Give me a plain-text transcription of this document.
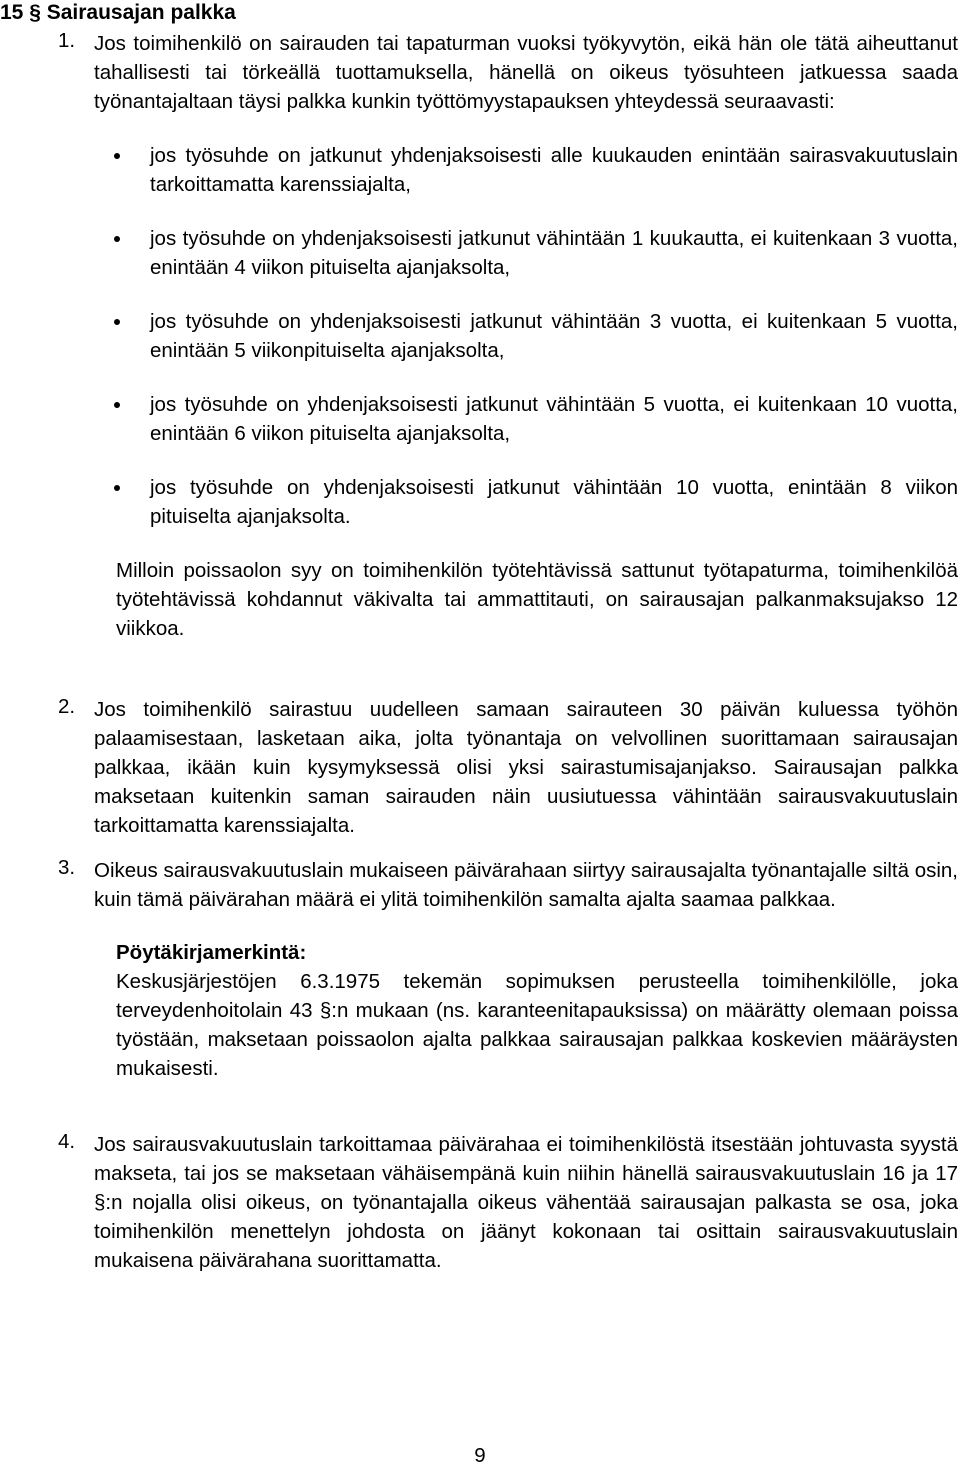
15 § Sairausajan palkka
1. Jos toimihenkilö on sairauden tai tapaturman vuoksi työkyvytön, eikä hän ole tätä aiheuttanut tahallisesti tai törkeällä tuottamuksella, hänellä on oikeus työsuhteen jatkuessa saada työnantajaltaan täysi palkka kunkin työttömyystapauksen yhteydessä seuraavasti:

jos työsuhde on jatkunut yhdenjaksoisesti alle kuukauden enintään sairasvakuutuslain tarkoittamatta karenssiajalta,

jos työsuhde on yhdenjaksoisesti jatkunut vähintään 1 kuukautta, ei kuitenkaan 3 vuotta, enintään 4 viikon pituiselta ajanjaksolta,

jos työsuhde on yhdenjaksoisesti jatkunut vähintään 3 vuotta, ei kuitenkaan 5 vuotta, enintään 5 viikonpituiselta ajanjaksolta,

jos työsuhde on yhdenjaksoisesti jatkunut vähintään 5 vuotta, ei kuitenkaan 10 vuotta, enintään 6 viikon pituiselta ajanjaksolta,

jos työsuhde on yhdenjaksoisesti jatkunut vähintään 10 vuotta, enintään 8 viikon pituiselta ajanjaksolta.

Milloin poissaolon syy on toimihenkilön työtehtävissä sattunut työtapaturma, toimihenkilöä työtehtävissä kohdannut väkivalta tai ammattitauti, on sairausajan palkanmaksujakso 12 viikkoa.

2. Jos toimihenkilö sairastuu uudelleen samaan sairauteen 30 päivän kuluessa työhön palaamisestaan, lasketaan aika, jolta työnantaja on velvollinen suorittamaan sairausajan palkkaa, ikään kuin kysymyksessä olisi yksi sairastumisajanjakso. Sairausajan palkka maksetaan kuitenkin saman sairauden näin uusiutuessa vähintään sairausvakuutuslain tarkoittamatta karenssiajalta.

3. Oikeus sairausvakuutuslain mukaiseen päivärahaan siirtyy sairausajalta työnantajalle siltä osin, kuin tämä päivärahan määrä ei ylitä toimihenkilön samalta ajalta saamaa palkkaa.

Pöytäkirjamerkintä:

Keskusjärjestöjen 6.3.1975 tekemän sopimuksen perusteella toimihenkilölle, joka terveydenhoitolain 43 §:n mukaan (ns. karanteenitapauksissa) on määrätty olemaan poissa työstään, maksetaan poissaolon ajalta palkkaa sairausajan palkkaa koskevien määräysten mukaisesti.

4. Jos sairausvakuutuslain tarkoittamaa päivärahaa ei toimihenkilöstä itsestään johtuvasta syystä makseta, tai jos se maksetaan vähäisempänä kuin niihin hänellä sairausvakuutuslain 16 ja 17 §:n nojalla olisi oikeus, on työnantajalla oikeus vähentää sairausajan palkasta se osa, joka toimihenkilön menettelyn johdosta on jäänyt kokonaan tai osittain sairausvakuutuslain mukaisena päivärahana suorittamatta.

9
